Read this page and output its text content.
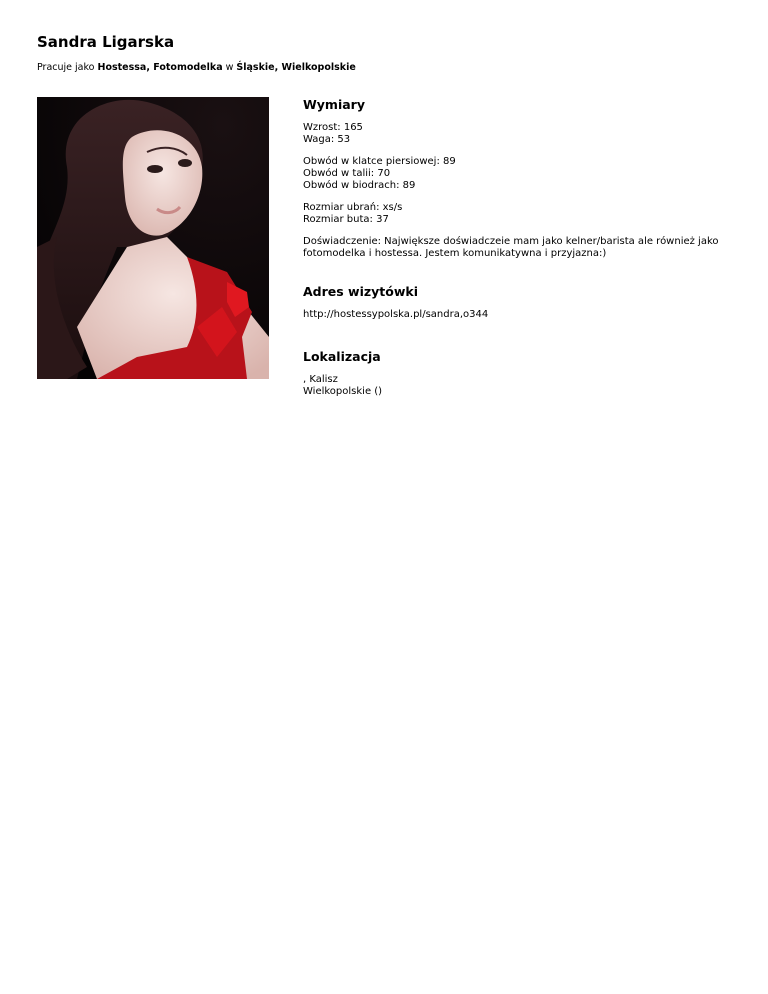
Sandra Ligarska

Pracuje jako Hostessa, Fotomodelka w Śląskie, Wielkopolskie

Wymiary
Wzrost: 165
Waga: 53
Obwód w klatce piersiowej: 89
Obwód w talii: 70
Obwód w biodrach: 89
Rozmiar ubrań: xs/s
Rozmiar buta: 37
Doświadczenie: Największe doświadczeie mam jako kelner/barista ale również jako fotomodelka i hostessa. Jestem komunikatywna i przyjazna:)
Adres wizytówki
http://hostessypolska.pl/sandra,o344
Lokalizacja
, Kalisz
Wielkopolskie ()
